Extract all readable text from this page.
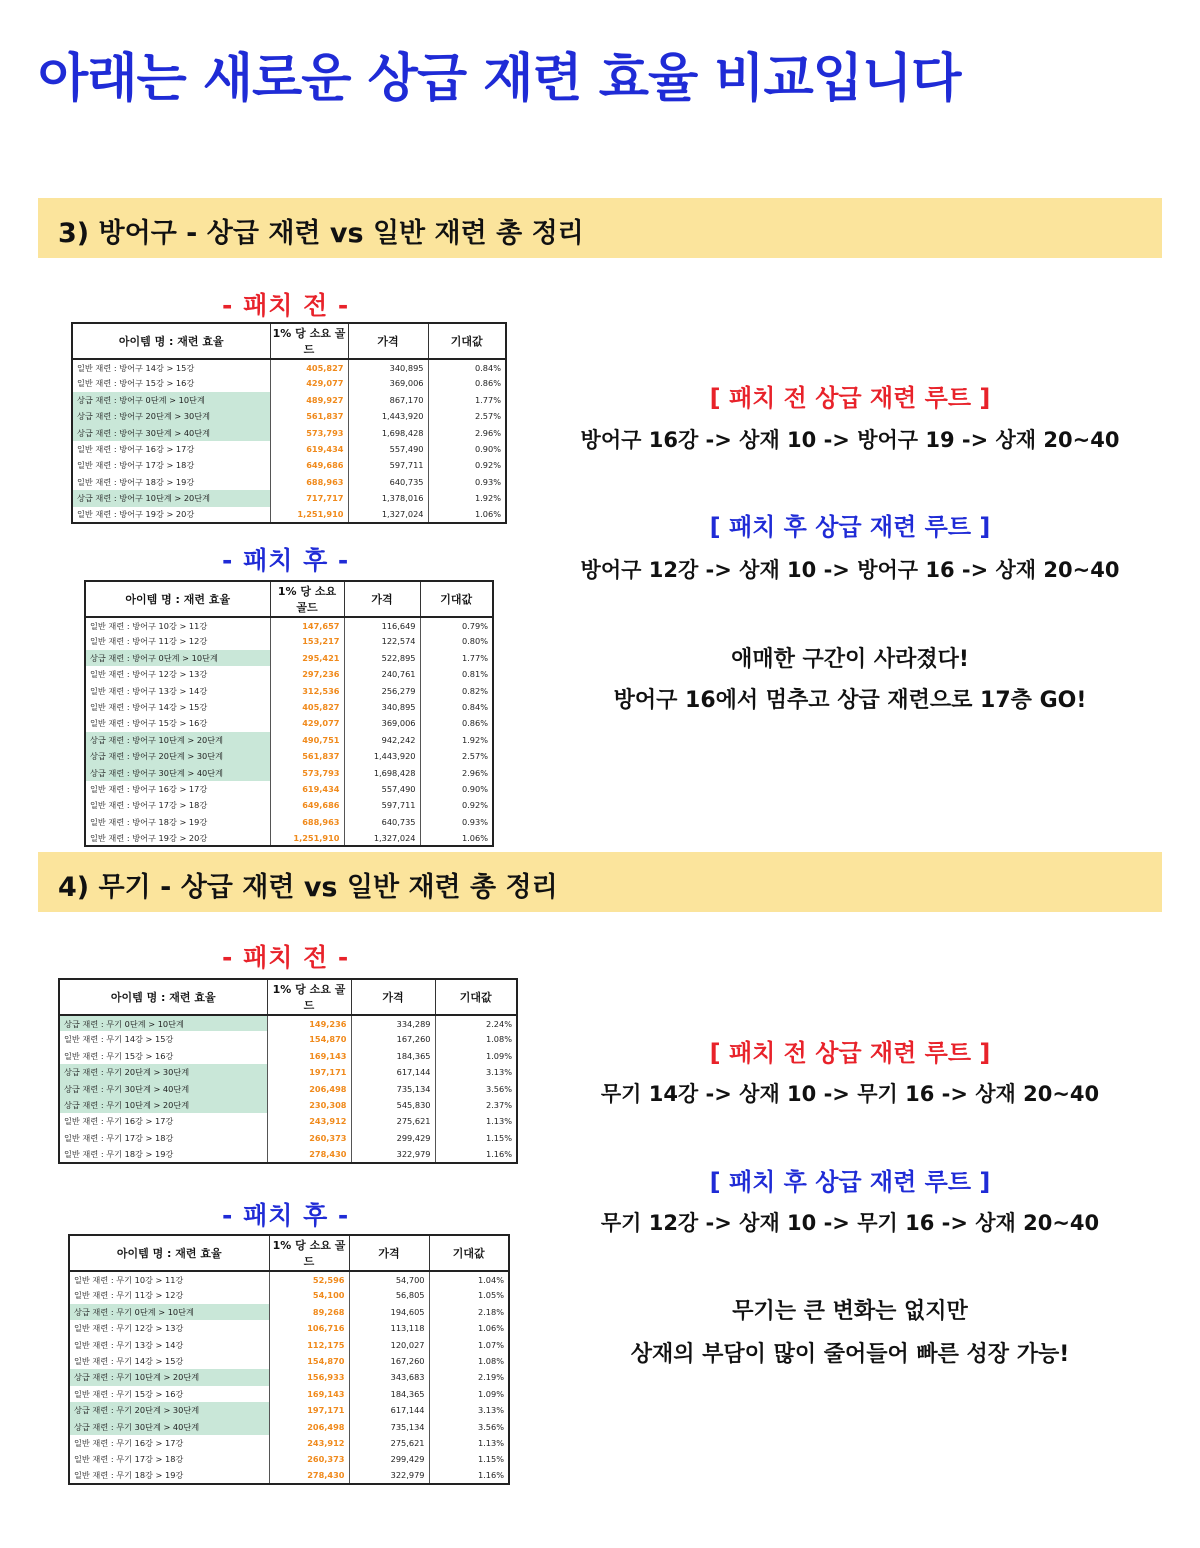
아래는 새로운 상급 재련 효율 비교입니다
3) 방어구 - 상급 재련 vs 일반 재련 총 정리
- 패치 전 -
아이템 명 : 재련 효율	1% 당 소요 골드	가격	기대값
일반 재련 : 방어구 14강 > 15강	405,827	340,895	0.84%
일반 재련 : 방어구 15강 > 16강	429,077	369,006	0.86%
상급 재련 : 방어구 0단계 > 10단계	489,927	867,170	1.77%
상급 재련 : 방어구 20단계 > 30단계	561,837	1,443,920	2.57%
상급 재련 : 방어구 30단계 > 40단계	573,793	1,698,428	2.96%
일반 재련 : 방어구 16강 > 17강	619,434	557,490	0.90%
일반 재련 : 방어구 17강 > 18강	649,686	597,711	0.92%
일반 재련 : 방어구 18강 > 19강	688,963	640,735	0.93%
상급 재련 : 방어구 10단계 > 20단계	717,717	1,378,016	1.92%
일반 재련 : 방어구 19강 > 20강	1,251,910	1,327,024	1.06%
- 패치 후 -
아이템 명 : 재련 효율	1% 당 소요 골드	가격	기대값
일반 재련 : 방어구 10강 > 11강	147,657	116,649	0.79%
일반 재련 : 방어구 11강 > 12강	153,217	122,574	0.80%
상급 재련 : 방어구 0단계 > 10단계	295,421	522,895	1.77%
일반 재련 : 방어구 12강 > 13강	297,236	240,761	0.81%
일반 재련 : 방어구 13강 > 14강	312,536	256,279	0.82%
일반 재련 : 방어구 14강 > 15강	405,827	340,895	0.84%
일반 재련 : 방어구 15강 > 16강	429,077	369,006	0.86%
상급 재련 : 방어구 10단계 > 20단계	490,751	942,242	1.92%
상급 재련 : 방어구 20단계 > 30단계	561,837	1,443,920	2.57%
상급 재련 : 방어구 30단계 > 40단계	573,793	1,698,428	2.96%
일반 재련 : 방어구 16강 > 17강	619,434	557,490	0.90%
일반 재련 : 방어구 17강 > 18강	649,686	597,711	0.92%
일반 재련 : 방어구 18강 > 19강	688,963	640,735	0.93%
일반 재련 : 방어구 19강 > 20강	1,251,910	1,327,024	1.06%
[ 패치 전 상급 재련 루트 ]
방어구 16강 -> 상재 10 -> 방어구 19 -> 상재 20~40
[ 패치 후 상급 재련 루트 ]
방어구 12강 -> 상재 10 -> 방어구 16 -> 상재 20~40
애매한 구간이 사라졌다!
방어구 16에서 멈추고 상급 재련으로 17층 GO!
4) 무기 - 상급 재련 vs 일반 재련 총 정리
- 패치 전 -
아이템 명 : 재련 효율	1% 당 소요 골드	가격	기대값
상급 재련 : 무기 0단계 > 10단계	149,236	334,289	2.24%
일반 재련 : 무기 14강 > 15강	154,870	167,260	1.08%
일반 재련 : 무기 15강 > 16강	169,143	184,365	1.09%
상급 재련 : 무기 20단계 > 30단계	197,171	617,144	3.13%
상급 재련 : 무기 30단계 > 40단계	206,498	735,134	3.56%
상급 재련 : 무기 10단계 > 20단계	230,308	545,830	2.37%
일반 재련 : 무기 16강 > 17강	243,912	275,621	1.13%
일반 재련 : 무기 17강 > 18강	260,373	299,429	1.15%
일반 재련 : 무기 18강 > 19강	278,430	322,979	1.16%
- 패치 후 -
아이템 명 : 재련 효율	1% 당 소요 골드	가격	기대값
일반 재련 : 무기 10강 > 11강	52,596	54,700	1.04%
일반 재련 : 무기 11강 > 12강	54,100	56,805	1.05%
상급 재련 : 무기 0단계 > 10단계	89,268	194,605	2.18%
일반 재련 : 무기 12강 > 13강	106,716	113,118	1.06%
일반 재련 : 무기 13강 > 14강	112,175	120,027	1.07%
일반 재련 : 무기 14강 > 15강	154,870	167,260	1.08%
상급 재련 : 무기 10단계 > 20단계	156,933	343,683	2.19%
일반 재련 : 무기 15강 > 16강	169,143	184,365	1.09%
상급 재련 : 무기 20단계 > 30단계	197,171	617,144	3.13%
상급 재련 : 무기 30단계 > 40단계	206,498	735,134	3.56%
일반 재련 : 무기 16강 > 17강	243,912	275,621	1.13%
일반 재련 : 무기 17강 > 18강	260,373	299,429	1.15%
일반 재련 : 무기 18강 > 19강	278,430	322,979	1.16%
[ 패치 전 상급 재련 루트 ]
무기 14강 -> 상재 10 -> 무기 16 -> 상재 20~40
[ 패치 후 상급 재련 루트 ]
무기 12강 -> 상재 10 -> 무기 16 -> 상재 20~40
무기는 큰 변화는 없지만
상재의 부담이 많이 줄어들어 빠른 성장 가능!
